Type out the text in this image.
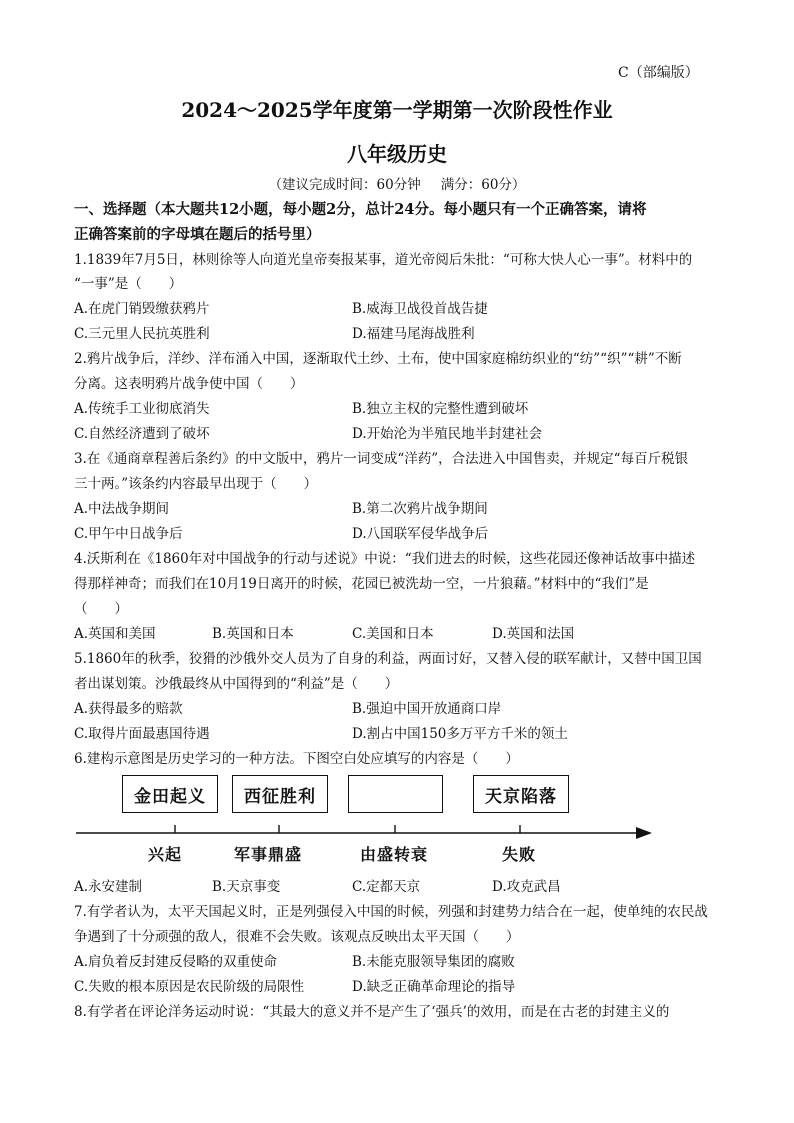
C（部编版）
2024～2025学年度第一学期第一次阶段性作业
八年级历史
（建议完成时间：60分钟 满分：60分）
一、选择题（本大题共12小题，每小题2分，总计24分。每小题只有一个正确答案，请将
正确答案前的字母填在题后的括号里）
1.1839年7月5日，林则徐等人向道光皇帝奏报某事，道光帝阅后朱批：“可称大快人心一事”。材料中的
“一事”是（　　）
A.在虎门销毁缴获鸦片	B.威海卫战役首战告捷
C.三元里人民抗英胜利	D.福建马尾海战胜利
2.鸦片战争后，洋纱、洋布涌入中国，逐渐取代土纱、土布，使中国家庭棉纺织业的“纺”“织”“耕”不断
分离。这表明鸦片战争使中国（　　）
A.传统手工业彻底消失	B.独立主权的完整性遭到破坏
C.自然经济遭到了破坏	D.开始沦为半殖民地半封建社会
3.在《通商章程善后条约》的中文版中，鸦片一词变成“洋药”，合法进入中国售卖，并规定“每百斤税银
三十两。”该条约内容最早出现于（　　）
A.中法战争期间	B.第二次鸦片战争期间
C.甲午中日战争后	D.八国联军侵华战争后
4.沃斯利在《1860年对中国战争的行动与述说》中说：“我们进去的时候，这些花园还像神话故事中描述
得那样神奇；而我们在10月19日离开的时候，花园已被洗劫一空，一片狼藉。”材料中的“我们”是
（　　）
A.英国和美国	B.英国和日本	C.美国和日本	D.英国和法国
5.1860年的秋季，狡猾的沙俄外交人员为了自身的利益，两面讨好，又替入侵的联军献计，又替中国卫国
者出谋划策。沙俄最终从中国得到的“利益”是（　　）
A.获得最多的赔款	B.强迫中国开放通商口岸
C.取得片面最惠国待遇	D.割占中国150多万平方千米的领土
6.建构示意图是历史学习的一种方法。下图空白处应填写的内容是（　　）
金田起义	西征胜利	天京陷落
兴起	军事鼎盛	由盛转衰	失败
A.永安建制	B.天京事变	C.定都天京	D.攻克武昌
7.有学者认为，太平天国起义时，正是列强侵入中国的时候，列强和封建势力结合在一起，使单纯的农民战
争遇到了十分顽强的敌人，很难不会失败。该观点反映出太平天国（　　）
A.肩负着反封建反侵略的双重使命	B.未能克服领导集团的腐败
C.失败的根本原因是农民阶级的局限性	D.缺乏正确革命理论的指导
8.有学者在评论洋务运动时说：“其最大的意义并不是产生了‘强兵’的效用，而是在古老的封建主义的
